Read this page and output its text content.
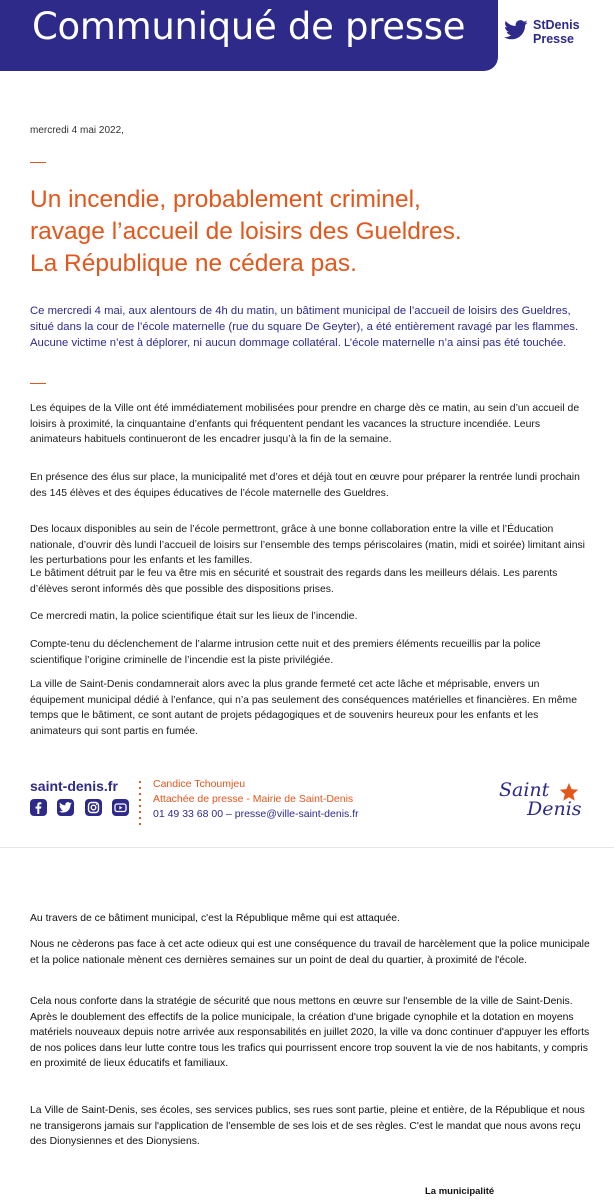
Communiqué de presse	StDenis
Presse
mercredi 4 mai 2022,
Un incendie, probablement criminel,
ravage l’accueil de loisirs des Gueldres.
La République ne cédera pas.
Ce mercredi 4 mai, aux alentours de 4h du matin, un bâtiment municipal de l’accueil de loisirs des Gueldres, situé dans la cour de l’école maternelle (rue du square De Geyter), a été entièrement ravagé par les flammes. Aucune victime n’est à déplorer, ni aucun dommage collatéral. L’école maternelle n’a ainsi pas été touchée.
Les équipes de la Ville ont été immédiatement mobilisées pour prendre en charge dès ce matin, au sein d’un accueil de loisirs à proximité, la cinquantaine d’enfants qui fréquentent pendant les vacances la structure incendiée. Leurs animateurs habituels continueront de les encadrer jusqu’à la fin de la semaine.
En présence des élus sur place, la municipalité met d’ores et déjà tout en œuvre pour préparer la rentrée lundi prochain des 145 élèves et des équipes éducatives de l’école maternelle des Gueldres.
Des locaux disponibles au sein de l’école permettront, grâce à une bonne collaboration entre la ville et l’Éducation nationale, d’ouvrir dès lundi l’accueil de loisirs sur l’ensemble des temps périscolaires (matin, midi et soirée) limitant ainsi les perturbations pour les enfants et les familles.
Le bâtiment détruit par le feu va être mis en sécurité et soustrait des regards dans les meilleurs délais. Les parents d’élèves seront informés dès que possible des dispositions prises.
Ce mercredi matin, la police scientifique était sur les lieux de l’incendie.
Compte-tenu du déclenchement de l’alarme intrusion cette nuit et des premiers éléments recueillis par la police scientifique l’origine criminelle de l’incendie est la piste privilégiée.
La ville de Saint-Denis condamnerait alors avec la plus grande fermeté cet acte lâche et méprisable, envers un équipement municipal dédié à l’enfance, qui n’a pas seulement des conséquences matérielles et financières. En même temps que le bâtiment, ce sont autant de projets pédagogiques et de souvenirs heureux pour les enfants et les animateurs qui sont partis en fumée.
saint-denis.fr

	Candice Tchoumjeu
Attachée de presse - Mairie de Saint-Denis
01 49 33 68 00 – presse@ville-saint-denis.fr
Saint
Denis
Au travers de ce bâtiment municipal, c'est la République même qui est attaquée.
Nous ne cèderons pas face à cet acte odieux qui est une conséquence du travail de harcèlement que la police municipale et la police nationale mènent ces dernières semaines sur un point de deal du quartier, à proximité de l'école.
Cela nous conforte dans la stratégie de sécurité que nous mettons en œuvre sur l'ensemble de la ville de Saint-Denis. Après le doublement des effectifs de la police municipale, la création d'une brigade cynophile et la dotation en moyens matériels nouveaux depuis notre arrivée aux responsabilités en juillet 2020, la ville va donc continuer d'appuyer les efforts de nos polices dans leur lutte contre tous les trafics qui pourrissent encore trop souvent la vie de nos habitants, y compris en proximité de lieux éducatifs et familiaux.
La Ville de Saint-Denis, ses écoles, ses services publics, ses rues sont partie, pleine et entière, de la République et nous ne transigerons jamais sur l'application de l'ensemble de ses lois et de ses règles. C'est le mandat que nous avons reçu des Dionysiennes et des Dionysiens.
La municipalité
